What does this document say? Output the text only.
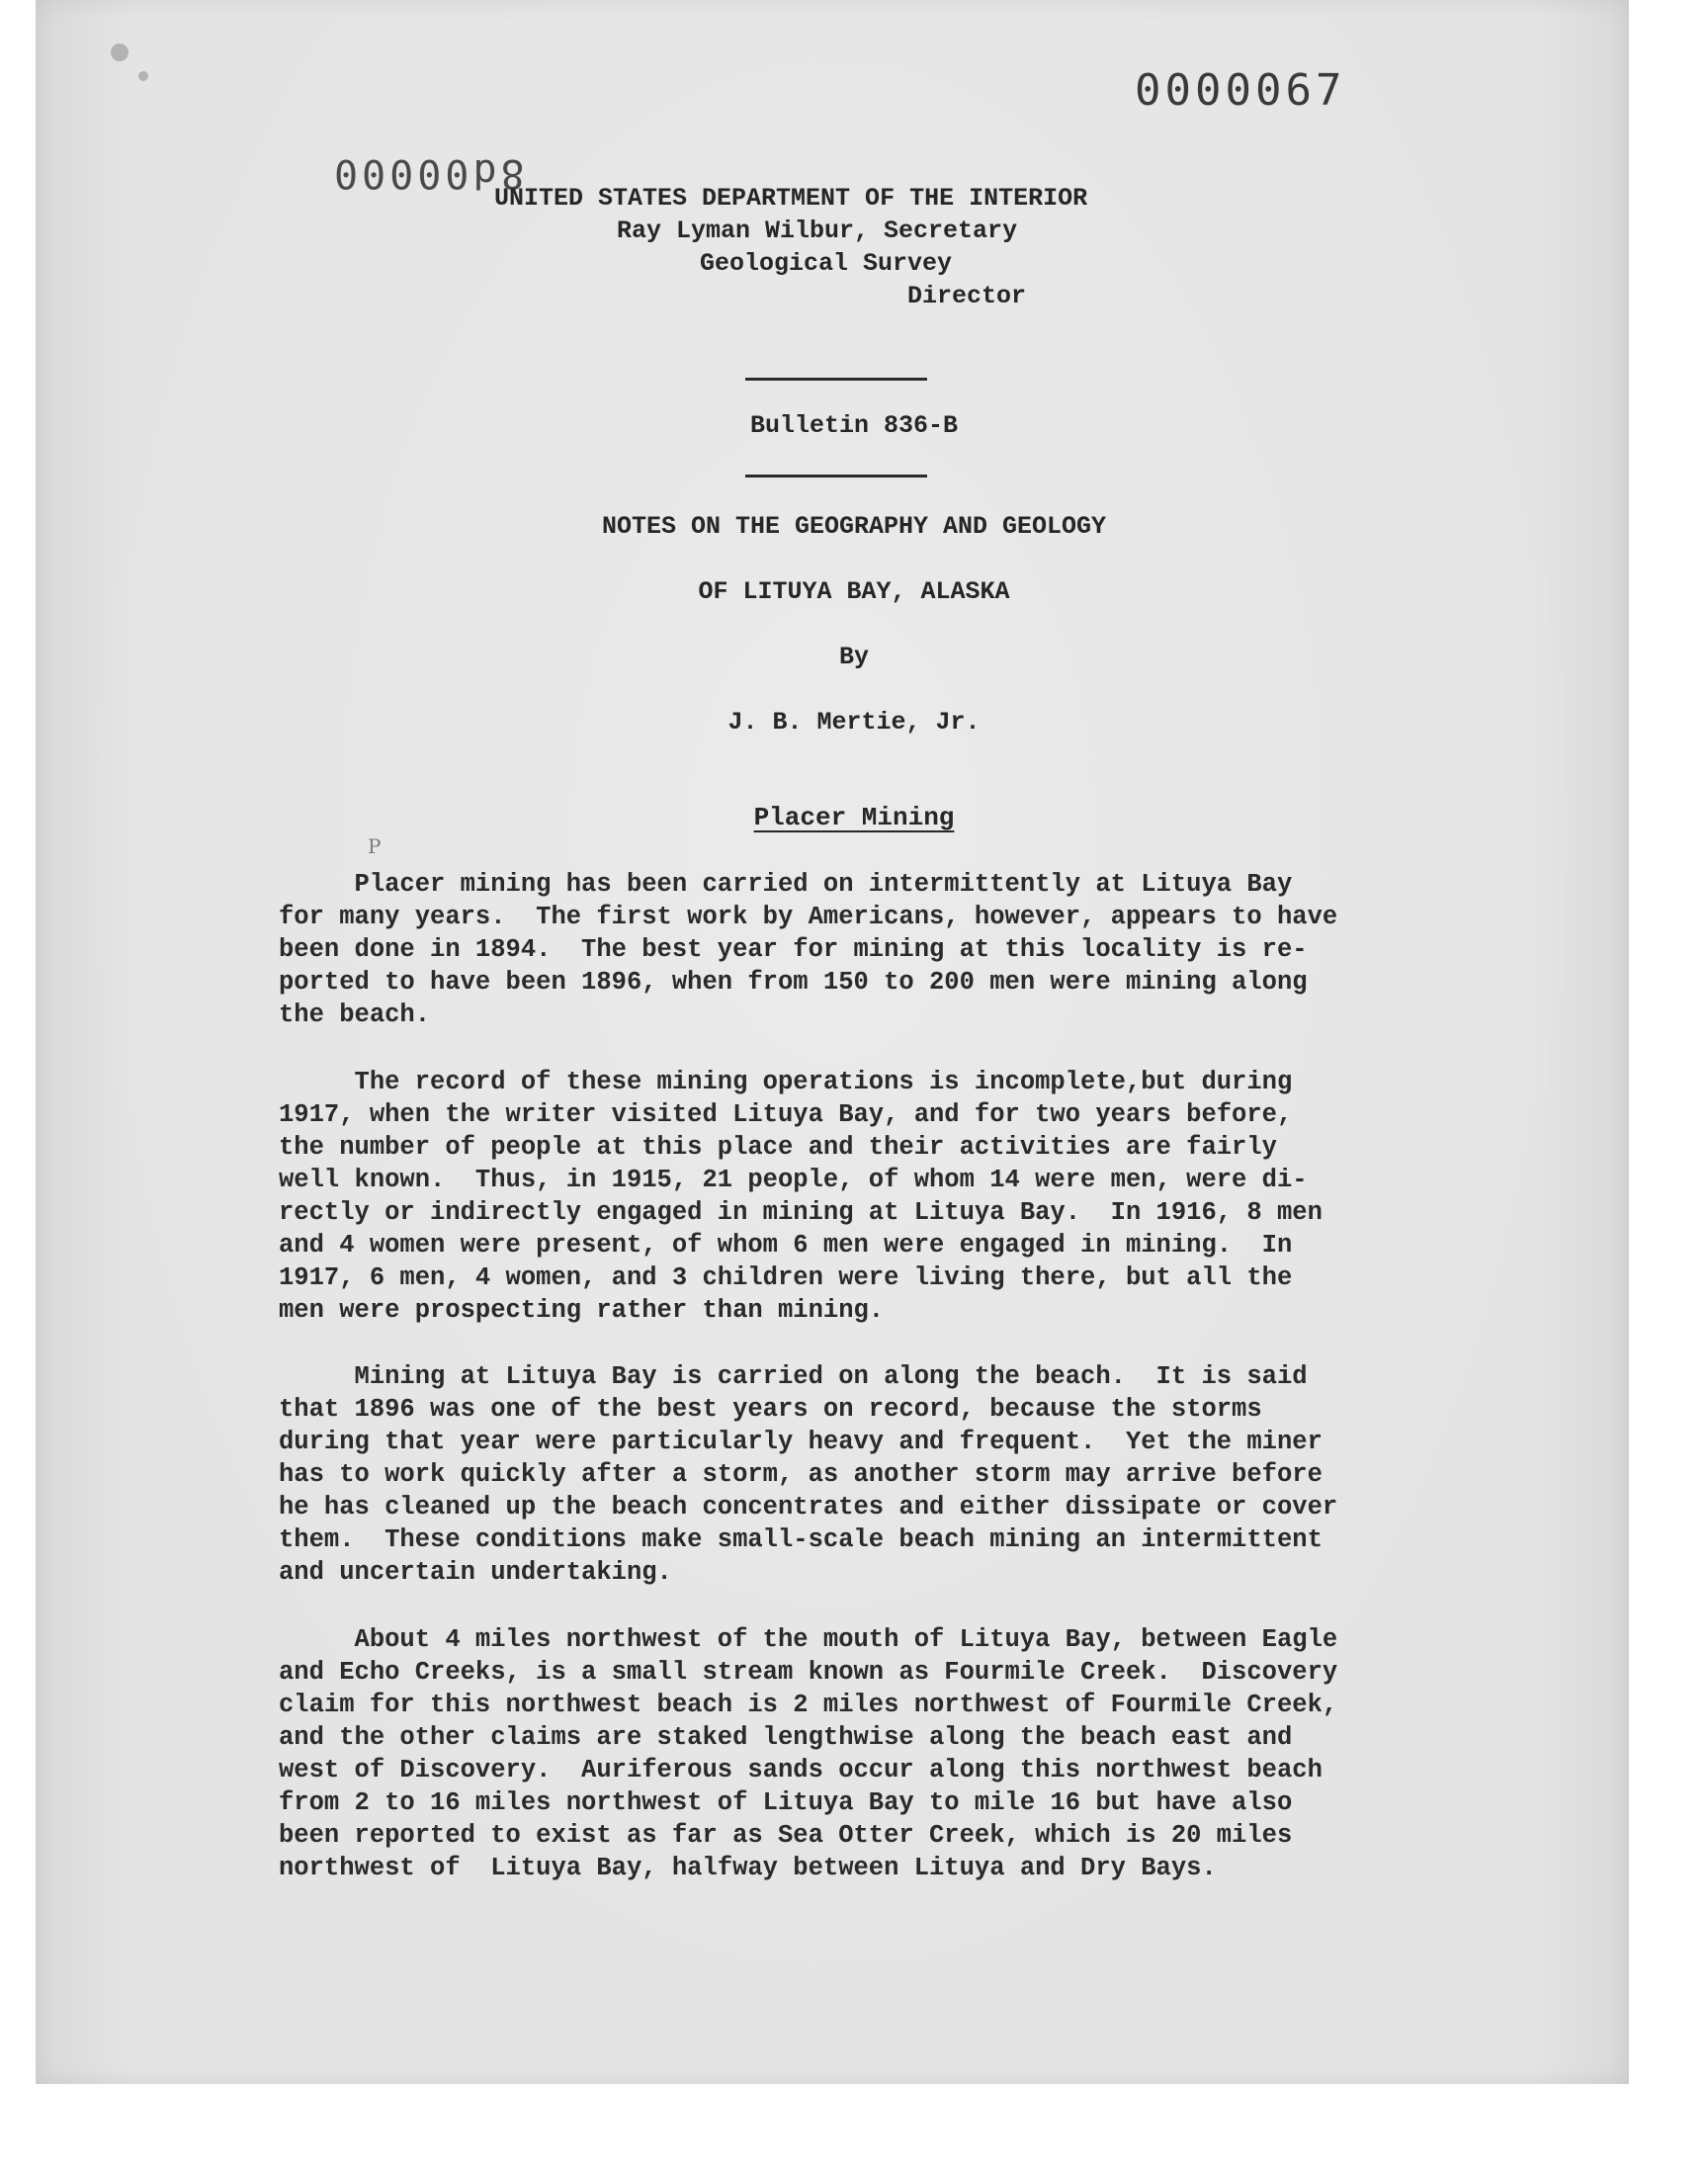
0000067
8d00000
UNITED STATES DEPARTMENT OF THE INTERIOR
Ray Lyman Wilbur, Secretary
Geological Survey
Director
Bulletin 836-B
NOTES ON THE GEOGRAPHY AND GEOLOGY
OF LITUYA BAY, ALASKA
By
J. B. Mertie, Jr.
Placer Mining
P
Placer mining has been carried on intermittently at Lituya Bay
for many years.  The first work by Americans, however, appears to have
been done in 1894.  The best year for mining at this locality is re-
ported to have been 1896, when from 150 to 200 men were mining along
the beach.
The record of these mining operations is incomplete,but during
1917, when the writer visited Lituya Bay, and for two years before,
the number of people at this place and their activities are fairly
well known.  Thus, in 1915, 21 people, of whom 14 were men, were di-
rectly or indirectly engaged in mining at Lituya Bay.  In 1916, 8 men
and 4 women were present, of whom 6 men were engaged in mining.  In
1917, 6 men, 4 women, and 3 children were living there, but all the
men were prospecting rather than mining.
Mining at Lituya Bay is carried on along the beach.  It is said
that 1896 was one of the best years on record, because the storms
during that year were particularly heavy and frequent.  Yet the miner
has to work quickly after a storm, as another storm may arrive before
he has cleaned up the beach concentrates and either dissipate or cover
them.  These conditions make small-scale beach mining an intermittent
and uncertain undertaking.
About 4 miles northwest of the mouth of Lituya Bay, between Eagle
and Echo Creeks, is a small stream known as Fourmile Creek.  Discovery
claim for this northwest beach is 2 miles northwest of Fourmile Creek,
and the other claims are staked lengthwise along the beach east and
west of Discovery.  Auriferous sands occur along this northwest beach
from 2 to 16 miles northwest of Lituya Bay to mile 16 but have also
been reported to exist as far as Sea Otter Creek, which is 20 miles
northwest of  Lituya Bay, halfway between Lituya and Dry Bays.
